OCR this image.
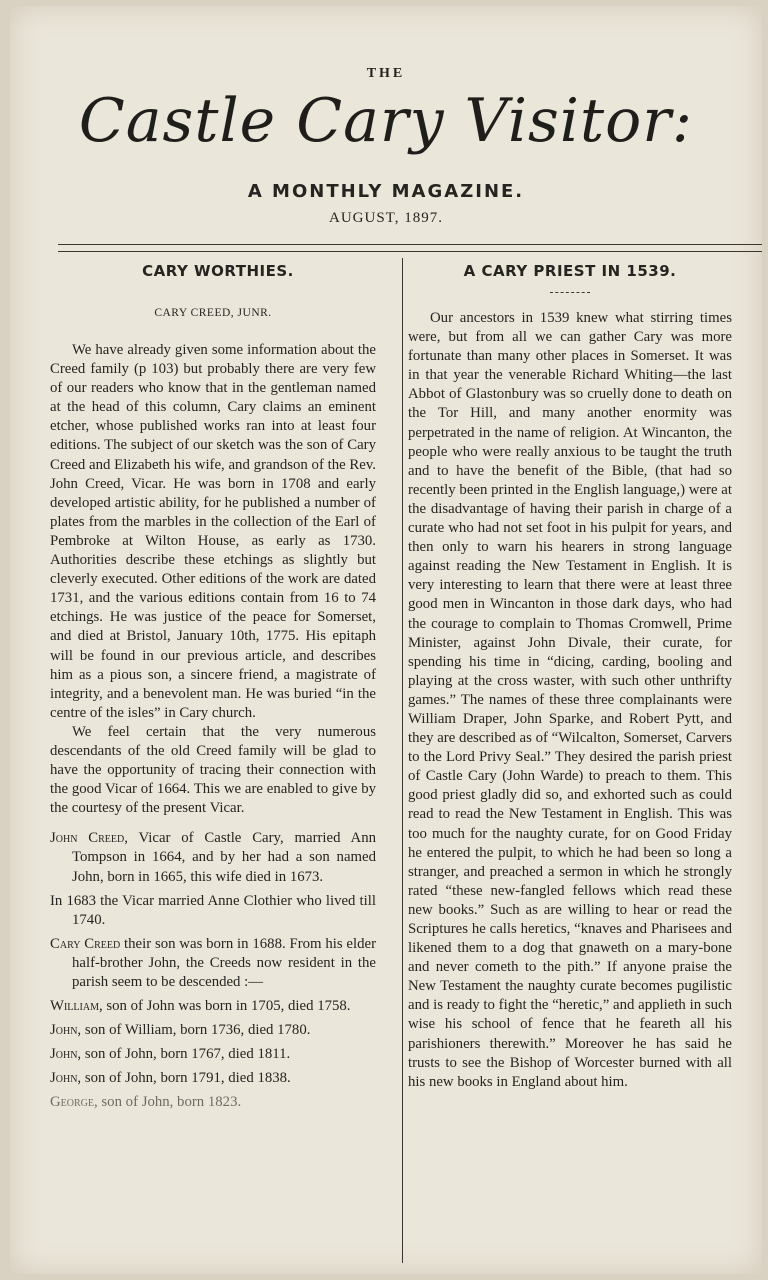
THE
Castle Cary Visitor:
A MONTHLY MAGAZINE.
AUGUST, 1897.
CARY WORTHIES.
CARY CREED, JUNR.

We have already given some information about the Creed family (p 103) but probably there are very few of our readers who know that in the gentleman named at the head of this column, Cary claims an eminent etcher, whose published works ran into at least four editions. The subject of our sketch was the son of Cary Creed and Elizabeth his wife, and grandson of the Rev. John Creed, Vicar. He was born in 1708 and early developed artistic ability, for he published a number of plates from the marbles in the collection of the Earl of Pembroke at Wilton House, as early as 1730. Authorities describe these etchings as slightly but cleverly executed. Other editions of the work are dated 1731, and the various editions contain from 16 to 74 etchings. He was justice of the peace for Somerset, and died at Bristol, January 10th, 1775. His epitaph will be found in our previous article, and describes him as a pious son, a sincere friend, a magistrate of integrity, and a benevolent man. He was buried “in the centre of the isles” in Cary church.

We feel certain that the very numerous descendants of the old Creed family will be glad to have the opportunity of tracing their connection with the good Vicar of 1664. This we are enabled to give by the courtesy of the present Vicar.

John Creed, Vicar of Castle Cary, married Ann Tompson in 1664, and by her had a son named John, born in 1665, this wife died in 1673.

In 1683 the Vicar married Anne Clothier who lived till 1740.

Cary Creed their son was born in 1688. From his elder half-brother John, the Creeds now resident in the parish seem to be descended :—

William, son of John was born in 1705, died 1758.

John, son of William, born 1736, died 1780.

John, son of John, born 1767, died 1811.

John, son of John, born 1791, died 1838.

George, son of John, born 1823.

A CARY PRIEST IN 1539.

Our ancestors in 1539 knew what stirring times were, but from all we can gather Cary was more fortunate than many other places in Somerset. It was in that year the venerable Richard Whiting—the last Abbot of Glastonbury was so cruelly done to death on the Tor Hill, and many another enormity was perpetrated in the name of religion. At Wincanton, the people who were really anxious to be taught the truth and to have the benefit of the Bible, (that had so recently been printed in the English language,) were at the disadvantage of having their parish in charge of a curate who had not set foot in his pulpit for years, and then only to warn his hearers in strong language against reading the New Testament in English. It is very interesting to learn that there were at least three good men in Wincanton in those dark days, who had the courage to complain to Thomas Cromwell, Prime Minister, against John Divale, their curate, for spending his time in “dicing, carding, booling and playing at the cross waster, with such other unthrifty games.” The names of these three complainants were William Draper, John Sparke, and Robert Pytt, and they are described as of “Wilcalton, Somerset, Carvers to the Lord Privy Seal.” They desired the parish priest of Castle Cary (John Warde) to preach to them. This good priest gladly did so, and exhorted such as could read to read the New Testament in English. This was too much for the naughty curate, for on Good Friday he entered the pulpit, to which he had been so long a stranger, and preached a sermon in which he strongly rated “these new-fangled fellows which read these new books.” Such as are willing to hear or read the Scriptures he calls heretics, “knaves and Pharisees and likened them to a dog that gnaweth on a mary-bone and never cometh to the pith.” If anyone praise the New Testament the naughty curate becomes pugilistic and is ready to fight the “heretic,” and applieth in such wise his school of fence that he feareth all his parishioners therewith.” Moreover he has said he trusts to see the Bishop of Worcester burned with all his new books in England about him.
